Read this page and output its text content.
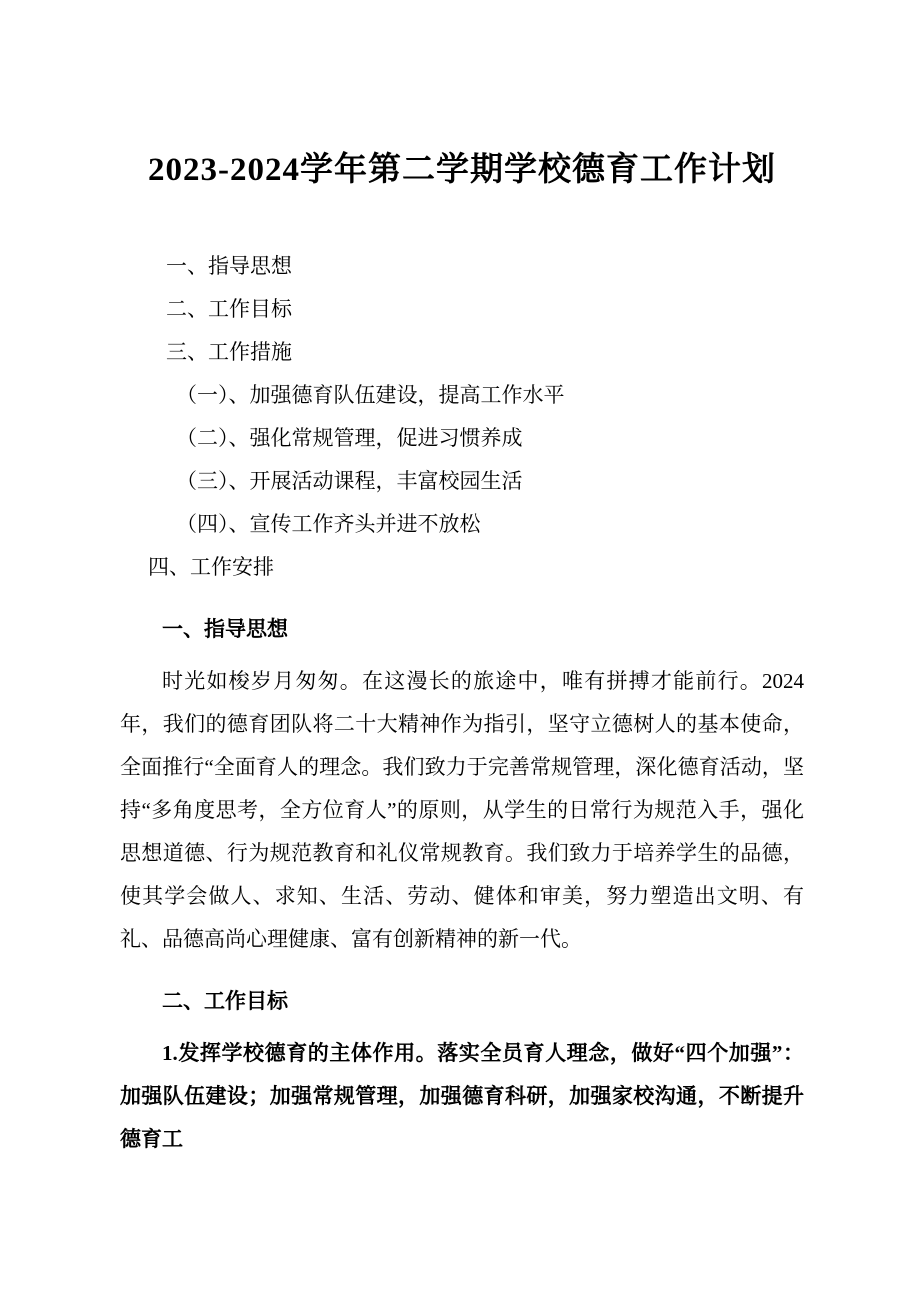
2023-2024学年第二学期学校德育工作计划
一、指导思想
二、工作目标
三、工作措施
（一）、加强德育队伍建设，提高工作水平
（二）、强化常规管理，促进习惯养成
（三）、开展活动课程，丰富校园生活
（四）、宣传工作齐头并进不放松
四、工作安排

一、指导思想

时光如梭岁月匆匆。在这漫长的旅途中，唯有拼搏才能前行。2024 年，我们的德育团队将二十大精神作为指引，坚守立德树人的基本使命，全面推行“全面育人的理念。我们致力于完善常规管理，深化德育活动，坚持“多角度思考，全方位育人”的原则，从学生的日常行为规范入手，强化思想道德、行为规范教育和礼仪常规教育。我们致力于培养学生的品德，使其学会做人、求知、生活、劳动、健体和审美，努力塑造出文明、有礼、品德高尚心理健康、富有创新精神的新一代。

二、工作目标

1.发挥学校德育的主体作用。落实全员育人理念，做好“四个加强”：加强队伍建设；加强常规管理，加强德育科研，加强家校沟通，不断提升德育工
